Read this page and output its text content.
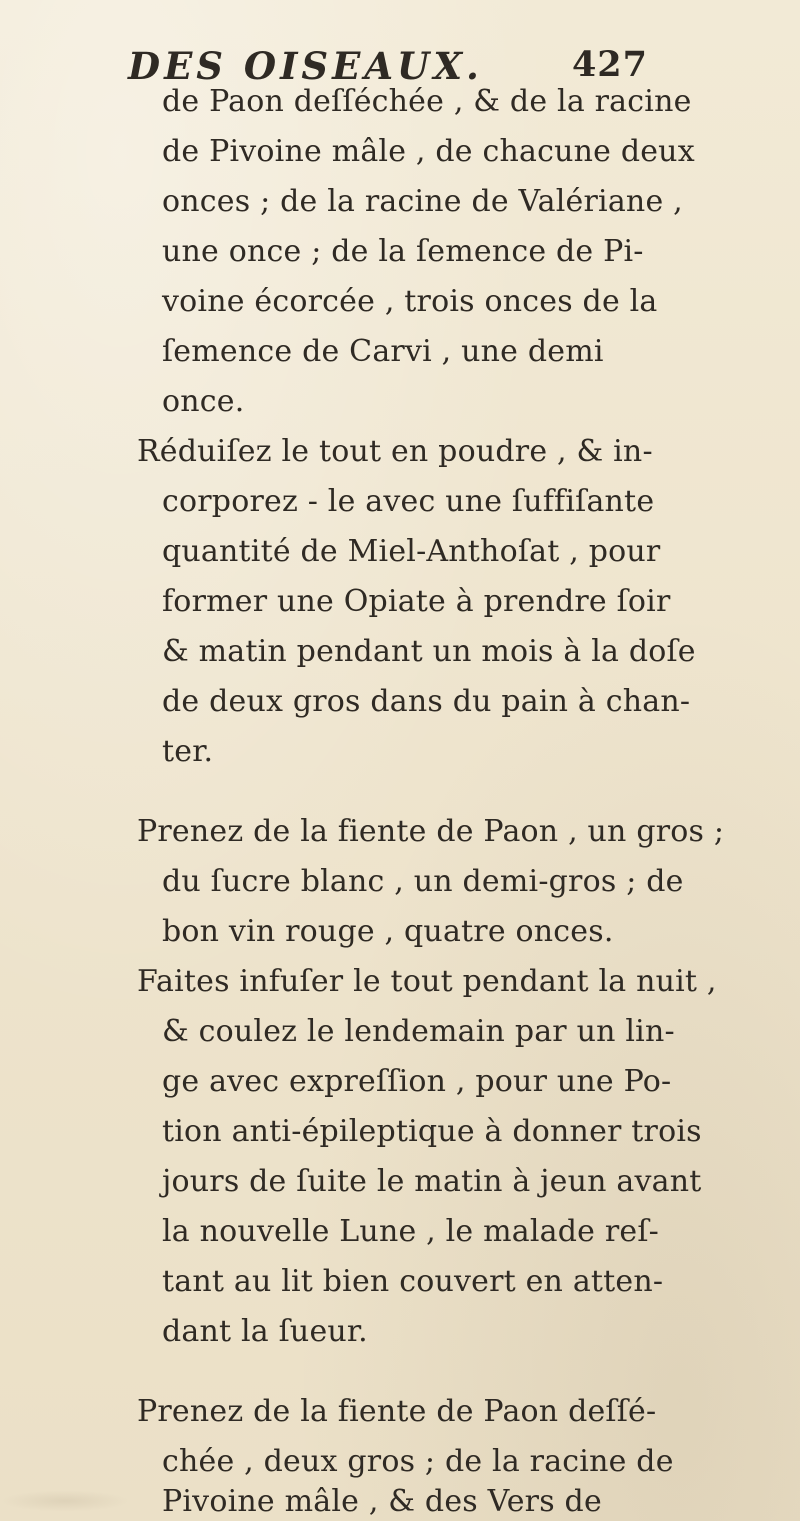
DES OISEAUX.	427
de Paon deſſéchée , & de la racine
de Pivoine mâle , de chacune deux
onces ; de la racine de Valériane ,
une once ; de la ſemence de Pi-
voine écorcée , trois onces de la
ſemence de Carvi , une demi
once.
Réduiſez le tout en poudre , & in-
corporez - le avec une ſuffiſante
quantité de Miel-Anthoſat , pour
former une Opiate à prendre ſoir
& matin pendant un mois à la doſe
de deux gros dans du pain à chan-
ter.
Prenez de la fiente de Paon , un gros ;
du ſucre blanc , un demi-gros ; de
bon vin rouge , quatre onces.
Faites infuſer le tout pendant la nuit ,
& coulez le lendemain par un lin-
ge avec expreſſion , pour une Po-
tion anti-épileptique à donner trois
jours de ſuite le matin à jeun avant
la nouvelle Lune , le malade reſ-
tant au lit bien couvert en atten-
dant la ſueur.
Prenez de la fiente de Paon deſſé-
chée , deux gros ; de la racine de
Pivoine mâle , & des Vers de
